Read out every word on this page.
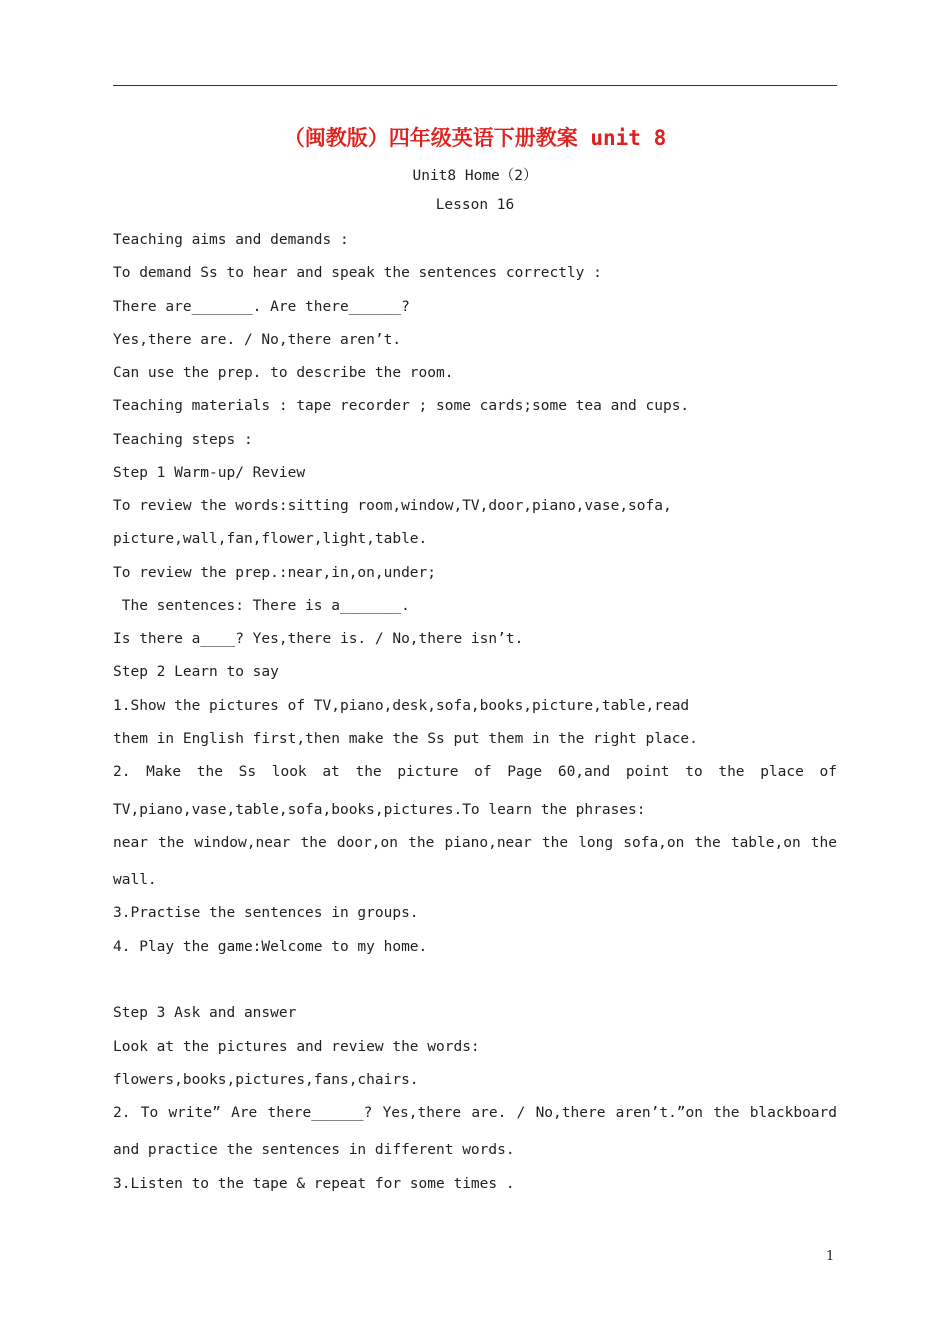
（闽教版）四年级英语下册教案 unit 8
Unit8 Home（2）
Lesson 16
Teaching aims and demands :
To demand Ss to hear and speak the sentences correctly :
There are_______. Are there______?
Yes,there are. / No,there aren’t.
Can use the prep. to describe the room.
Teaching materials : tape recorder ; some cards;some tea and cups.
Teaching steps :
Step 1 Warm-up/ Review
To review the words:sitting room,window,TV,door,piano,vase,sofa,
picture,wall,fan,flower,light,table.
To review the prep.:near,in,on,under;
The sentences: There is a_______.
Is there a____? Yes,there is. / No,there isn’t.
Step 2 Learn to say
1.Show the pictures of TV,piano,desk,sofa,books,picture,table,read
them in English first,then make the Ss put them in the right place.
2. Make the Ss look at the picture of Page 60,and point to the place of
TV,piano,vase,table,sofa,books,pictures.To learn the phrases:
near the window,near the door,on the piano,near the long sofa,on the table,on the
wall.
3.Practise the sentences in groups.
4. Play the game:Welcome to my home.
Step 3 Ask and answer
Look at the pictures and review the words:
flowers,books,pictures,fans,chairs.
2. To write” Are there______? Yes,there are. / No,there aren’t.”on the blackboard
and practice the sentences in different words.
3.Listen to the tape & repeat for some times .
1
